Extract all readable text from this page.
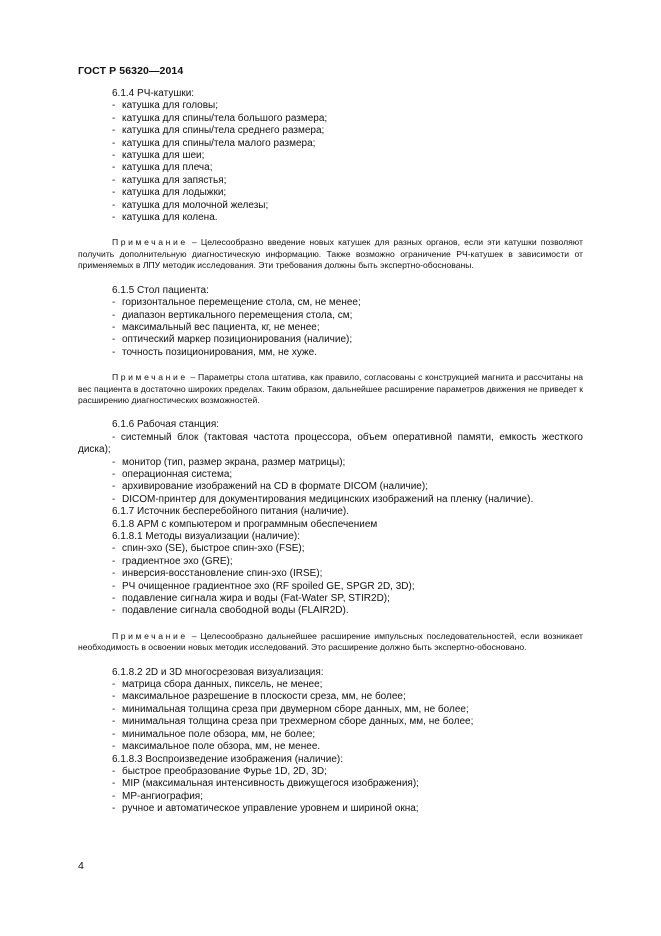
ГОСТ Р 56320—2014
6.1.4 РЧ-катушки:
- катушка для головы;
- катушка для спины/тела большого размера;
- катушка для спины/тела среднего размера;
- катушка для спины/тела малого размера;
- катушка для шеи;
- катушка для плеча;
- катушка для запястья;
- катушка для лодыжки;
- катушка для молочной железы;
- катушка для колена.
Примечание – Целесообразно введение новых катушек для разных органов, если эти катушки позволяют получить дополнительную диагностическую информацию. Также возможно ограничение РЧ-катушек в зависимости от применяемых в ЛПУ методик исследования. Эти требования должны быть экспертно-обоснованы.
6.1.5 Стол пациента:
- горизонтальное перемещение стола, см, не менее;
- диапазон вертикального перемещения стола, см;
- максимальный вес пациента, кг, не менее;
- оптический маркер позиционирования (наличие);
- точность позиционирования, мм, не хуже.
Примечание – Параметры стола штатива, как правило, согласованы с конструкцией магнита и рассчитаны на вес пациента в достаточно широких пределах. Таким образом, дальнейшее расширение параметров движения не приведет к расширению диагностических возможностей.
6.1.6 Рабочая станция:
- системный блок (тактовая частота процессора, объем оперативной памяти, емкость жесткого диска);
- монитор (тип, размер экрана, размер матрицы);
- операционная система;
- архивирование изображений на CD в формате DICOM (наличие);
- DICOM-принтер для документирования медицинских изображений на пленку (наличие).
6.1.7 Источник бесперебойного питания (наличие).
6.1.8 АРМ с компьютером и программным обеспечением
6.1.8.1 Методы визуализации (наличие):
- спин-эхо (SE), быстрое спин-эхо (FSE);
- градиентное эхо (GRE);
- инверсия-восстановление спин-эхо (IRSE);
- РЧ очищенное градиентное эхо (RF spoiled GE, SPGR 2D, 3D);
- подавление сигнала жира и воды (Fat-Water SP, STIR2D);
- подавление сигнала свободной воды (FLAIR2D).
Примечание – Целесообразно дальнейшее расширение импульсных последовательностей, если возникает необходимость в освоении новых методик исследований. Это расширение должно быть экспертно-обосновано.
6.1.8.2 2D и 3D многосрезовая визуализация:
- матрица сбора данных, пиксель, не менее;
- максимальное разрешение в плоскости среза, мм, не более;
- минимальная толщина среза при двумерном сборе данных, мм, не более;
- минимальная толщина среза при трехмерном сборе данных, мм, не более;
- минимальное поле обзора, мм, не более;
- максимальное поле обзора, мм, не менее.
6.1.8.3 Воспроизведение изображения (наличие):
- быстрое преобразование Фурье 1D, 2D, 3D;
- MIP (максимальная интенсивность движущегося изображения);
- МР-ангиография;
- ручное и автоматическое управление уровнем и шириной окна;
4
